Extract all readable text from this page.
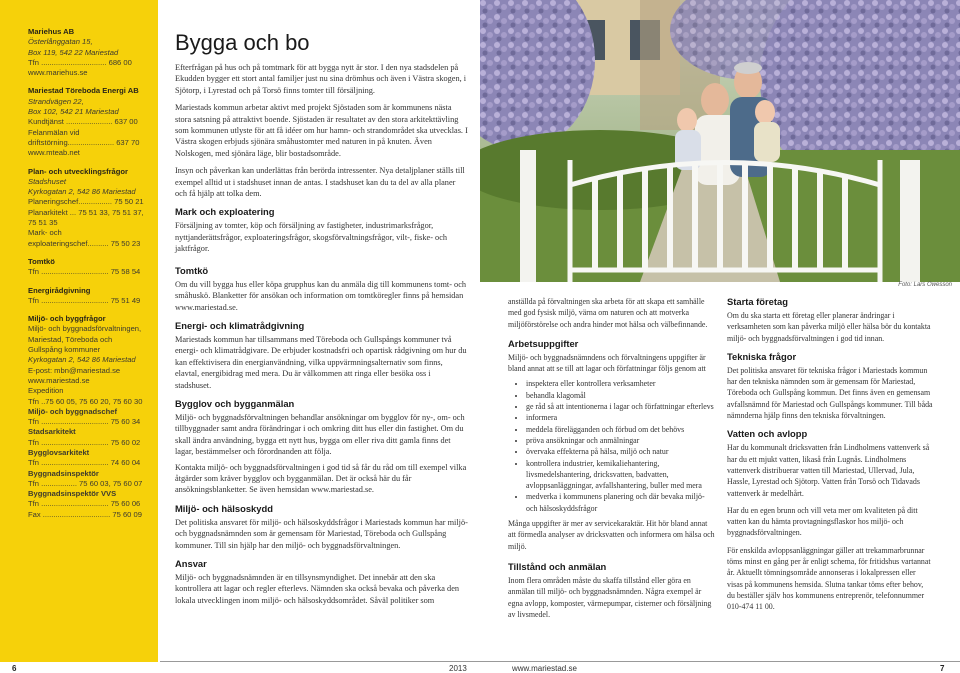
Mariehus AB
Österlånggatan 15,
Box 119, 542 22 Mariestad
Tfn ............................... 686 00
www.mariehus.se
Mariestad Töreboda Energi AB
Strandvägen 22,
Box 102, 542 21 Mariestad
Kundtjänst ...................... 637 00
Felanmälan vid
driftstörning...................... 637 70
www.mteab.net
Plan- och utvecklingsfrågor
Stadshuset
Kyrkogatan 2, 542 86 Mariestad
Planeringschef................ 75 50 21
Planarkitekt ... 75 51 33, 75 51 37,
75 51 35
Mark- och
exploateringschef.......... 75 50 23
Tomtkö
Tfn ................................ 75 58 54
Energirådgivning
Tfn ................................ 75 51 49
Miljö- och byggfrågor
Miljö- och byggnadsförvaltningen,
Mariestad, Töreboda och
Gullspång kommuner
Kyrkogatan 2, 542 86 Mariestad
E-post: mbn@mariestad.se
www.mariestad.se
Expedition
Tfn ..75 60 05, 75 60 20, 75 60 30
Miljö- och byggnadschef
Tfn ................................ 75 60 34
Stadsarkitekt
Tfn ................................ 75 60 02
Bygglovsarkitekt
Tfn ................................ 74 60 04
Byggnadsinspektör
Tfn ................. 75 60 03, 75 60 07
Byggnadsinspektör VVS
Tfn ................................ 75 60 06
Fax ................................ 75 60 09
Bygga och bo

Efterfrågan på hus och på tomtmark för att bygga nytt är stor. I den nya stadsdelen på Ekudden bygger ett stort antal familjer just nu sina drömhus och även i Västra skogen, i Sjötorp, i Lyrestad och på Torsö finns tomter till försäljning.

Mariestads kommun arbetar aktivt med projekt Sjöstaden som är kommunens nästa stora satsning på attraktivt boende. Sjöstaden är resultatet av den stora arkitekttävling som kommunen utlyste för att få idéer om hur hamn- och strandområdet ska utvecklas. I Västra skogen erbjuds sjönära småhustomter med naturen in på knuten. Även Nolskogen, med sjönära läge, blir bostadsområde.

Insyn och påverkan kan underlättas från berörda intressenter. Nya detaljplaner ställs till exempel alltid ut i stadshuset innan de antas. I stadshuset kan du ta del av alla planer och få hjälp att tolka dem.

Mark och exploatering

Försäljning av tomter, köp och försäljning av fastigheter, industrimarksfrågor, nyttjanderättsfrågor, exploateringsfrågor, skogsförvaltningsfrågor, vilt-, fiske- och jaktfrågor.

Tomtkö

Om du vill bygga hus eller köpa grupphus kan du anmäla dig till kommunens tomt- och småhuskö. Blanketter för ansökan och information om tomtköregler finns på hemsidan www.mariestad.se.

Energi- och klimatrådgivning

Mariestads kommun har tillsammans med Töreboda och Gullspångs kommuner två energi- och klimatrådgivare. De erbjuder kostnadsfri och opartisk rådgivning om hur du kan effektivisera din energianvändning, vilka uppvärmningsalternativ som finns, elavtal, energibidrag med mera. Du är välkommen att ringa eller besöka oss i stadshuset.

Bygglov och bygganmälan

Miljö- och byggnadsförvaltningen behandlar ansökningar om bygglov för ny-, om- och tillbyggnader samt andra förändringar i och omkring ditt hus eller din fastighet. Om du skall ändra användning, bygga ett nytt hus, bygga om eller riva ditt gamla finns det lagar, bestämmelser och förordnanden att följa.

Kontakta miljö- och byggnadsförvaltningen i god tid så får du råd om till exempel vilka åtgärder som kräver bygglov och bygganmälan. Det är också här du får ansökningsblanketter. Se även hemsidan www.mariestad.se.

Miljö- och hälsoskydd

Det politiska ansvaret för miljö- och hälsoskyddsfrågor i Mariestads kommun har miljö- och byggnadsnämnden som är gemensam för Mariestad, Töreboda och Gullspång kommuner. Till sin hjälp har den miljö- och byggnadsförvaltningen.

Ansvar

Miljö- och byggnadsnämnden är en tillsynsmyndighet. Det innebär att den ska kontrollera att lagar och regler efterlevs. Nämnden ska också bevaka och påverka den lokala utvecklingen inom miljö- och hälsoskyddsområdet. Såväl politiker som

Foto: Lars Owesson

anställda på förvaltningen ska arbeta för att skapa ett samhälle med god fysisk miljö, värna om naturen och att motverka miljöförstörelse och andra hinder mot hälsa och välbefinnande.

Arbetsuppgifter

Miljö- och byggnadsnämndens och förvaltningens uppgifter är bland annat att se till att lagar och författningar följs genom att

• inspektera eller kontrollera verksamheter
• behandla klagomål
• ge råd så att intentionerna i lagar och författningar efterlevs
• informera
• meddela förelägganden och förbud om det behövs
• pröva ansökningar och anmälningar
• övervaka effekterna på hälsa, miljö och natur
• kontrollera industrier, kemikaliehantering, livsmedelshantering, dricksvatten, badvatten, avloppsanläggningar, avfallshantering, buller med mera
• medverka i kommunens planering och där bevaka miljö- och hälsoskyddsfrågor

Många uppgifter är mer av servicekaraktär. Hit hör bland annat att förmedla analyser av dricksvatten och informera om hälsa och miljö.

Tillstånd och anmälan

Inom flera områden måste du skaffa tillstånd eller göra en anmälan till miljö- och byggnadsnämnden. Några exempel är egna avlopp, komposter, värmepumpar, cisterner och försäljning av livsmedel.

Starta företag

Om du ska starta ett företag eller planerar ändringar i verksamheten som kan påverka miljö eller hälsa bör du kontakta miljö- och byggnadsförvaltningen i god tid innan.

Tekniska frågor

Det politiska ansvaret för tekniska frågor i Mariestads kommun har den tekniska nämnden som är gemensam för Mariestad, Töreboda och Gullspång kommun. Det finns även en gemensam avfallsnämnd för Mariestad och Gullspångs kommuner. Till båda nämnderna hjälp finns den tekniska förvaltningen.

Vatten och avlopp

Har du kommunalt dricksvatten från Lindholmens vattenverk så har du ett mjukt vatten, likaså från Lugnås. Lindholmens vattenverk distribuerar vatten till Mariestad, Ullervad, Jula, Hassle, Lyrestad och Sjötorp. Vatten från Torsö och Tidavads vattenverk är medelhårt.

Har du en egen brunn och vill veta mer om kvaliteten på ditt vatten kan du hämta provtagningsflaskor hos miljö- och byggnadsförvaltningen.

För enskilda avloppsanläggningar gäller att trekammarbrunnar töms minst en gång per år enligt schema, för fritidshus vartannat år. Aktuellt tömningsområde annonseras i lokalpressen eller visas på kommunens hemsida. Slutna tankar töms efter behov, du beställer själv hos kommunens entreprenör, telefonnummer 010-474 11 00.

6	2013	www.mariestad.se	7
